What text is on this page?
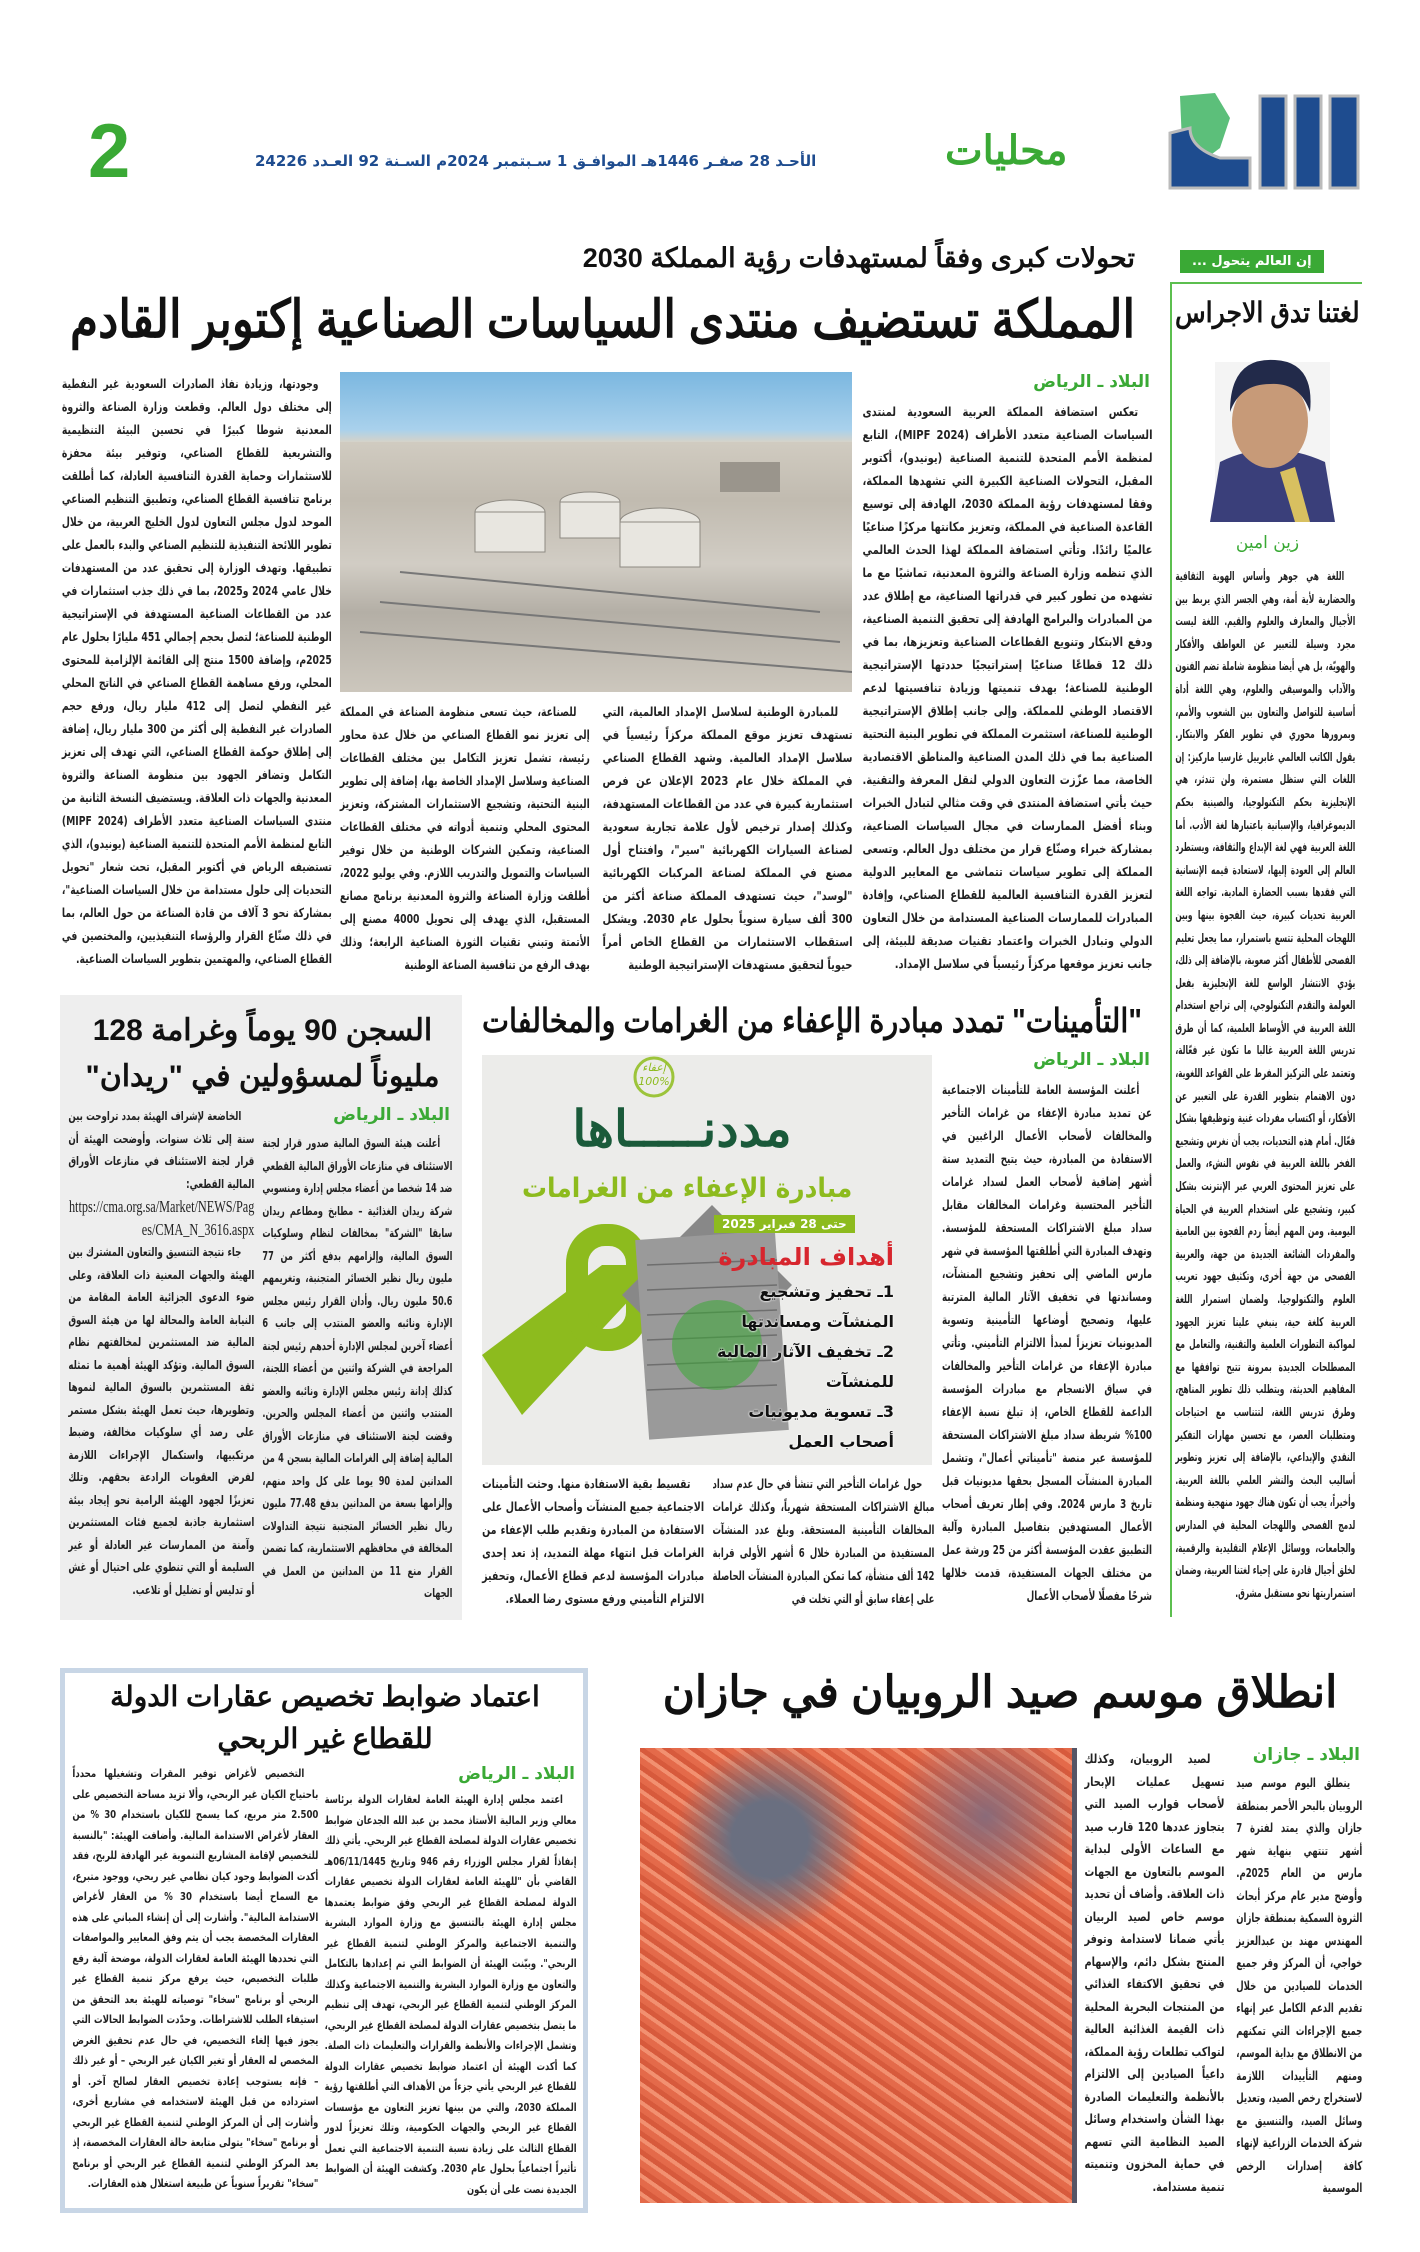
محليات
الأحـد 28 صفـر 1446هـ الموافـق 1 سـبتمبر 2024م السـنة 92 العـدد 24226
2
إن العالم يتحول ...
لغتنا تدق الاجراس
زين امين

اللغة هي جوهر وأساس الهوية الثقافية والحضارية لأية أمة، وهي الجسر الذي يربط بين الأجيال والمعارف والعلوم والقيم. اللغة ليست مجرد وسيلة للتعبير عن العواطف والأفكار والهويّة، بل هي أيضا منظومة شاملة تضم الفنون والآداب والموسيقى والعلوم، وهي اللغة أداة أساسية للتواصل والتعاون بين الشعوب والأمم، وبمرورها محوري في تطوير الفكر والابتكار. يقول الكاتب العالمي غابرييل غارسيا ماركيز: إن اللغات التي ستظل مستمرة، ولن تندثر، هي الإنجليزية بحكم التكنولوجيا، والصينية بحكم الديموغرافيا، والإسبانية باعتبارها لغة الأدب. أما اللغة العربية فهي لغة الإبداع والثقافة، ويستطرد العالم إلى العودة إليها، لاستعادة قيمه الإنسانية التي فقدها بسبب الحضارة المادية. تواجه اللغة العربية تحديات كبيرة، حيث الفجوة بينها وبين اللهجات المحلية تتسع باستمرار، مما يجعل تعليم الفصحى للأطفال أكثر صعوبة، بالإضافة إلى ذلك، يؤدي الانتشار الواسع للغة الإنجليزية بفعل العولمة والتقدم التكنولوجي، إلى تراجع استخدام اللغة العربية في الأوساط العلمية، كما أن طرق تدريس اللغة العربية غالبا ما تكون غير فعّالة، وتعتمد على التركيز المفرط على القواعد اللغوية، دون الاهتمام بتطوير القدرة على التعبير عن الأفكار، أو اكتساب مفردات غنية وتوظيفها بشكل فعّال. أمام هذه التحديات، يجب أن نغرس وتشجيع الفخر باللغة العربية في نفوس النشء، والعمل على تعزيز المحتوى العربي عبر الإنترنت بشكل كبير، وتشجيع على استخدام العربية في الحياة اليومية. ومن المهم أيضاً ردم الفجوة بين العامية والمفردات الشائعة الجديدة من جهة، والعربية الفصحى من جهة أخرى، وتكثيف جهود تعريب العلوم والتكنولوجيا. ولضمان استمرار اللغة العربية كلغة حية، ينبغي علينا تعزيز الجهود لمواكبة التطورات العلمية والتقنية، والتعامل مع المصطلحات الجديدة بمرونة تتيح توافقها مع المفاهيم الحديثة، ويتطلب ذلك تطوير المناهج، وطرق تدريس اللغة، لتتناسب مع احتياجات ومتطلبات العصر، مع تحسين مهارات التفكير النقدي والإبداعي، بالإضافة إلى تعزيز وتطوير أساليب البحث والنشر العلمي باللغة العربية. وأخيراً، يجب أن تكون هناك جهود منهجية ومنظمة لدمج الفصحى واللهجات المحلية في المدارس والجامعات، ووسائل الإعلام التقليدية والرقمية، لخلق أجيال قادرة على إحياء لغتنا العربية، وضمان استمراريتها نحو مستقبل مشرق.

تحولات كبرى وفقاً لمستهدفات رؤية المملكة 2030
المملكة تستضيف منتدى السياسات الصناعية إكتوبر القادم
البلاد ـ الرياض

تعكس استضافة المملكة العربية السعودية لمنتدى السياسات الصناعية متعدد الأطراف (MIPF 2024)، التابع لمنظمة الأمم المتحدة للتنمية الصناعية (يونيدو)، أكتوبر المقبل، التحولات الصناعية الكبيرة التي تشهدها المملكة، وفقا لمستهدفات رؤية المملكة 2030، الهادفة إلى توسيع القاعدة الصناعية في المملكة، وتعزيز مكانتها مركزًا صناعيًا عالميًا رائدًا. وتأتي استضافة المملكة لهذا الحدث العالمي الذي تنظمه وزارة الصناعة والثروة المعدنية، تماشيًا مع ما تشهده من تطور كبير في قدراتها الصناعية، مع إطلاق عدد من المبادرات والبرامج الهادفة إلى تحقيق التنمية الصناعية، ودفع الابتكار وتنويع القطاعات الصناعية وتعزيزها، بما في ذلك 12 قطاعًا صناعيًا إستراتيجيًا حددتها الإستراتيجية الوطنية للصناعة؛ بهدف تنميتها وزيادة تنافسيتها لدعم الاقتصاد الوطني للمملكة. وإلى جانب إطلاق الإستراتيجية الوطنية للصناعة، استثمرت المملكة في تطوير البنية التحتية الصناعية بما في ذلك المدن الصناعية والمناطق الاقتصادية الخاصة، مما عزّزت التعاون الدولي لنقل المعرفة والتقنية. حيث يأتي استضافة المنتدى في وقت مثالي لتبادل الخبرات وبناء أفضل الممارسات في مجال السياسات الصناعية، بمشاركة خبراء وصنّاع قرار من مختلف دول العالم. وتسعى المملكة إلى تطوير سياسات تتماشى مع المعايير الدولية لتعزيز القدرة التنافسية العالمية للقطاع الصناعي، وإفادة المبادرات للممارسات الصناعية المستدامة من خلال التعاون الدولي وتبادل الخبرات واعتماد تقنيات صديقة للبيئة، إلى جانب تعزيز موقعها مركزاً رئيسياً في سلاسل الإمداد.

للمبادرة الوطنية لسلاسل الإمداد العالمية، التي تستهدف تعزيز موقع المملكة مركزاً رئيسياً في سلاسل الإمداد العالمية. وشهد القطاع الصناعي في المملكة خلال عام 2023 الإعلان عن فرص استثمارية كبيرة في عدد من القطاعات المستهدفة، وكذلك إصدار ترخيص لأول علامة تجارية سعودية لصناعة السيارات الكهربائية "سير"، وافتتاح أول مصنع في المملكة لصناعة المركبات الكهربائية "لوسد"، حيث تستهدف المملكة صناعة أكثر من 300 ألف سيارة سنوياً بحلول عام 2030. ويشكل استقطاب الاستثمارات من القطاع الخاص أمراً حيوياً لتحقيق مستهدفات الإستراتيجية الوطنية

للصناعة، حيث تسعى منظومة الصناعة في المملكة إلى تعزيز نمو القطاع الصناعي من خلال عدة محاور رئيسة، تشمل تعزيز التكامل بين مختلف القطاعات الصناعية وسلاسل الإمداد الخاصة بها، إضافة إلى تطوير البنية التحتية، وتشجيع الاستثمارات المشتركة، وتعزيز المحتوى المحلي وتنمية أدواته في مختلف القطاعات الصناعية، وتمكين الشركات الوطنية من خلال توفير السياسات والتمويل والتدريب اللازم. وفي يوليو 2022، أطلقت وزارة الصناعة والثروة المعدنية برنامج مصانع المستقبل، الذي يهدف إلى تحويل 4000 مصنع إلى الأتمتة وتبني تقنيات الثورة الصناعية الرابعة؛ وذلك بهدف الرفع من تنافسية الصناعة الوطنية

وجودتها، وزيادة نفاذ الصادرات السعودية غير النفطية إلى مختلف دول العالم. وقطعت وزارة الصناعة والثروة المعدنية شوطا كبيرًا في تحسين البيئة التنظيمية والتشريعية للقطاع الصناعي، وتوفير بيئة محفزة للاستثمارات وحماية القدرة التنافسية العادلة، كما أطلقت برنامج تنافسية القطاع الصناعي، وتطبيق التنظيم الصناعي الموحد لدول مجلس التعاون لدول الخليج العربية، من خلال تطوير اللائحة التنفيذية للتنظيم الصناعي والبدء بالعمل على تطبيقها. وتهدف الوزارة إلى تحقيق عدد من المستهدفات خلال عامي 2024 و2025، بما في ذلك جذب استثمارات في عدد من القطاعات الصناعية المستهدفة في الإستراتيجية الوطنية للصناعة؛ لتصل بحجم إجمالي 451 مليارًا بحلول عام 2025م، وإضافة 1500 منتج إلى القائمة الإلزامية للمحتوى المحلي، ورفع مساهمة القطاع الصناعي في الناتج المحلي غير النفطي لتصل إلى 412 مليار ريال، ورفع حجم الصادرات غير النفطية إلى أكثر من 300 مليار ريال، إضافة إلى إطلاق حوكمة القطاع الصناعي، التي تهدف إلى تعزيز التكامل وتضافر الجهود بين منظومة الصناعة والثروة المعدنية والجهات ذات العلاقة. ويستضيف النسخة الثانية من منتدى السياسات الصناعية متعدد الأطراف (MIPF 2024) التابع لمنظمة الأمم المتحدة للتنمية الصناعية (يونيدو)، الذي تستضيفه الرياض في أكتوبر المقبل، تحت شعار "تحويل التحديات إلى حلول مستدامة من خلال السياسات الصناعية"، بمشاركة نحو 3 آلاف من قادة الصناعة من حول العالم، بما في ذلك صنّاع القرار والرؤساء التنفيذيين، والمختصين في القطاع الصناعي، والمهتمين بتطوير السياسات الصناعية.

"التأمينات" تمدد مبادرة الإعفاء من الغرامات والمخالفات
البلاد ـ الرياض

أعلنت المؤسسة العامة للتأمينات الاجتماعية عن تمديد مبادرة الإعفاء من غرامات التأخير والمخالفات لأصحاب الأعمال الراغبين في الاستفادة من المبادرة، حيث يتيح التمديد ستة أشهر إضافية لأصحاب العمل لسداد غرامات التأخير المحتسبة وغرامات المخالفات مقابل سداد مبلغ الاشتراكات المستحقة للمؤسسة. وتهدف المبادرة التي أطلقتها المؤسسة في شهر مارس الماضي إلى تحفيز وتشجيع المنشآت، ومساندتها في تخفيف الآثار المالية المترتبة عليها، وتصحيح أوضاعها التأمينية وتسوية المديونيات تعزيزاً لمبدأ الالتزام التأميني. وتأتي مبادرة الإعفاء من غرامات التأخير والمخالفات في سياق الانسجام مع مبادرات المؤسسة الداعمة للقطاع الخاص، إذ تبلغ نسبة الإعفاء 100% شريطة سداد مبلغ الاشتراكات المستحقة للمؤسسة عبر منصة "تأميناتي أعمال"، وتشمل المبادرة المنشآت المسجل بحقها مديونيات قبل تاريخ 3 مارس 2024. وفي إطار تعريف أصحاب الأعمال المستهدفين بتفاصيل المبادرة وآلية التطبيق عقدت المؤسسة أكثر من 25 ورشة عمل من مختلف الجهات المستفيدة، قدمت خلالها شرحًا مفصلًا لأصحاب الأعمال

إعفاء
100%
مددنـــــاها
مبادرة الإعفاء من الغرامات
حتى 28 فبراير 2025
أهداف المبادرة
1ـ تحفيز وتشجيع المنشآت ومساندتها
2ـ تخفيف الآثار المالية للمنشآت
3ـ تسوية مديونيات أصحاب العمل

حول غرامات التأخير التي تنشأ في حال عدم سداد مبالغ الاشتراكات المستحقة شهرياً، وكذلك غرامات المخالفات التأمينية المستحقة. وبلغ عدد المنشآت المستفيدة من المبادرة خلال 6 أشهر الأولى قرابة 142 ألف منشأة، كما تمكن المبادرة المنشآت الحاصلة على إعفاء سابق أو التي تخلت في

تقسيط بقية الاستفادة منها. وحثت التأمينات الاجتماعية جميع المنشآت وأصحاب الأعمال على الاستفادة من المبادرة وتقديم طلب الإعفاء من الغرامات قبل انتهاء مهلة التمديد، إذ تعد إحدى مبادرات المؤسسة لدعم قطاع الأعمال، وتحفيز الالتزام التأميني ورفع مستوى رضا العملاء.

السجن 90 يوماً وغرامة 128 مليوناً لمسؤولين في "ريدان"
البلاد ـ الرياض

أعلنت هيئة السوق المالية صدور قرار لجنة الاستئناف في منازعات الأوراق المالية القطعي ضد 14 شخصا من أعضاء مجلس إدارة ومنسوبي شركة ريدان الغذائية – مطابخ ومطاعم ريدان سابقا "الشركة" بمخالفات لنظام وسلوكيات السوق المالية، وإلزامهم بدفع أكثر من 77 مليون ريال نظير الخسائر المتجنبة، وتغريمهم 50.6 مليون ريال. وأدان القرار رئيس مجلس الإدارة ونائبه والعضو المنتدب إلى جانب 6 أعضاء آخرين لمجلس الإدارة أحدهم رئيس لجنة المراجعة في الشركة واثنين من أعضاء اللجنة، كذلك إدانة رئيس مجلس الإدارة ونائبه والعضو المنتدب واثنين من أعضاء المجلس والحرين. وقضت لجنة الاستئناف في منازعات الأوراق المالية إضافة إلى الغرامات المالية بسجن 4 من المدانين لمدة 90 يوما على كل واحد منهم، وإلزامها بسعة من المدانين بدفع 77.48 مليون ريال نظير الخسائر المتجنبة نتيجة التداولات المخالفة في محافظهم الاستثمارية، كما تضمن القرار منع 11 من المدانين من العمل في الجهات

الخاضعة لإشراف الهيئة بمدد تراوحت بين سنة إلى ثلاث سنوات. وأوضحت الهيئة أن قرار لجنة الاستئناف في منازعات الأوراق المالية القطعي:

https://cma.org.sa/Market/NEWS/Pages/CMA_N_3616.aspx

جاء نتيجة التنسيق والتعاون المشترك بين الهيئة والجهات المعنية ذات العلاقة، وعلى ضوء الدعوى الجزائية العامة المقامة من النيابة العامة والمحالة لها من هيئة السوق المالية ضد المستثمرين لمخالفتهم نظام السوق المالية. وتؤكد الهيئة أهمية ما تمثله ثقة المستثمرين بالسوق المالية لنموها وتطويرها، حيث تعمل الهيئة بشكل مستمر على رصد أي سلوكيات مخالفة، وضبط مرتكبيها، واستكمال الإجراءات اللازمة لفرض العقوبات الرادعة بحقهم. وتلك تعزيزًا لجهود الهيئة الرامية نحو إيجاد بيئة استثمارية جاذبة لجميع فئات المستثمرين وآمنة من الممارسات غير العادلة أو غير السليمة أو التي تنطوي على احتيال أو غش أو تدليس أو تضليل أو تلاعب.

انطلاق موسم صيد الروبيان في جازان
البلاد ـ جازان

ينطلق اليوم موسم صيد الروبيان بالبحر الأحمر بمنطقة جازان والذي يمتد لفترة 7 أشهر تنتهي بنهاية شهر مارس من العام 2025م. وأوضح مدير عام مركز أبحاث الثروة السمكية بمنطقة جازان المهندس مهند بن عبدالعزيز خواجي، أن المركز وفر جميع الخدمات للصيادين من خلال تقديم الدعم الكامل عبر إنهاء جميع الإجراءات التي تمكنهم من الانطلاق مع بداية الموسم، ومنهم التأييدات اللازمة لاستخراج رخص الصيد، وتعديل وسائل الصيد، والتنسيق مع شركة الخدمات الزراعية لإنهاء كافة إصدارات الرخص الموسمية

لصيد الروبيان، وكذلك تسهيل عمليات الإبحار لأصحاب قوارب الصيد التي يتجاوز عددها 120 قارب صيد مع الساعات الأولى لبداية الموسم بالتعاون مع الجهات ذات العلاقة. وأضاف أن تحديد موسم خاص لصيد الربيان يأتي ضمانا لاستدامة وتوفر المنتج بشكل دائم، والإسهام في تحقيق الاكتفاء الغذائي من المنتجات البحرية المحلية ذات القيمة الغذائية العالية لتواكب تطلعات رؤية المملكة، داعياً الصيادين إلى الالتزام بالأنظمة والتعليمات الصادرة بهذا الشأن واستخدام وسائل الصيد النظامية التي تسهم في حماية المخزون وتنميته تنمية مستدامة.

اعتماد ضوابط تخصيص عقارات الدولة للقطاع غير الربحي
البلاد ـ الرياض

اعتمد مجلس إدارة الهيئة العامة لعقارات الدولة برئاسة معالي وزير المالية الأستاذ محمد بن عبد الله الجدعان ضوابط تخصيص عقارات الدولة لمصلحة القطاع غير الربحي. يأتي ذلك إنفاذاً لقرار مجلس الوزراء رقم 946 وتاريخ 06/11/1445هـ القاضي بأن "للهيئة العامة لعقارات الدولة تخصيص عقارات الدولة لمصلحة القطاع غير الربحي وفق ضوابط يعتمدها مجلس إدارة الهيئة بالتنسيق مع وزارة الموارد البشرية والتنمية الاجتماعية والمركز الوطني لتنمية القطاع غير الربحي". وبيّنت الهيئة أن الضوابط التي تم إعدادها بالتكامل والتعاون مع وزارة الموارد البشرية والتنمية الاجتماعية وكذلك المركز الوطني لتنمية القطاع غير الربحي، تهدف إلى تنظيم ما يتصل بتخصيص عقارات الدولة لمصلحة القطاع غير الربحي، وتشمل الإجراءات والأنظمة والقرارات والتعليمات ذات الصلة. كما أكدت الهيئة أن اعتماد ضوابط تخصيص عقارات الدولة للقطاع غير الربحي يأتي جزءاً من الأهداف التي أطلقتها رؤية المملكة 2030، والتي من بينها تعزيز التعاون مع مؤسسات القطاع غير الربحي والجهات الحكومية، وتلك تعزيزاً لدور القطاع الثالث على زيادة نسبة التنمية الاجتماعية التي تعمل تأثيراً اجتماعياً بحلول عام 2030. وكشفت الهيئة أن الضوابط الجديدة نصت على أن يكون

التخصيص لأغراض توفير المقرات وتشغيلها محدداً باحتياج الكيان غير الربحي، وألا تزيد مساحة التخصيص على 2.500 متر مربع، كما يسمح للكيان باستخدام 30 % من العقار لأغراض الاستدامة المالية. وأضافت الهيئة: "بالنسبة للتخصيص لإقامة المشاريع التنموية غير الهادفة للربح، فقد أكدت الضوابط وجود كيان نظامي غير ربحي، ووجود متبرع، مع السماح أيضا باستخدام 30 % من العقار لأغراض الاستدامة المالية". وأشارت إلى أن إنشاء المباني على هذه العقارات المخصصة يجب أن يتم وفق المعايير والمواصفات التي تحددها الهيئة العامة لعقارات الدولة، موضحة آلية رفع طلبات التخصيص، حيث يرفع مركز تنمية القطاع غير الربحي أو برنامج "سخاء" توصياته للهيئة بعد التحقق من استيفاء الطلب للاشتراطات. وحدّدت الضوابط الحالات التي يجوز فيها إلغاء التخصيص، في حال عدم تحقيق الغرض المخصص له العقار أو تغير الكيان غير الربحي – أو غير ذلك – فإنه يستوجب إعادة تخصيص العقار لصالح آخر. أو استرداده من قبل الهيئة لاستخدامه في مشاريع أخرى، وأشارت إلى أن المركز الوطني لتنمية القطاع غير الربحي أو برنامج "سخاء" يتولى متابعة حالة العقارات المخصصة، إذ يعد المركز الوطني لتنمية القطاع غير الربحي أو برنامج "سخاء" تقريراً سنوياً عن طبيعة استغلال هذه العقارات.
